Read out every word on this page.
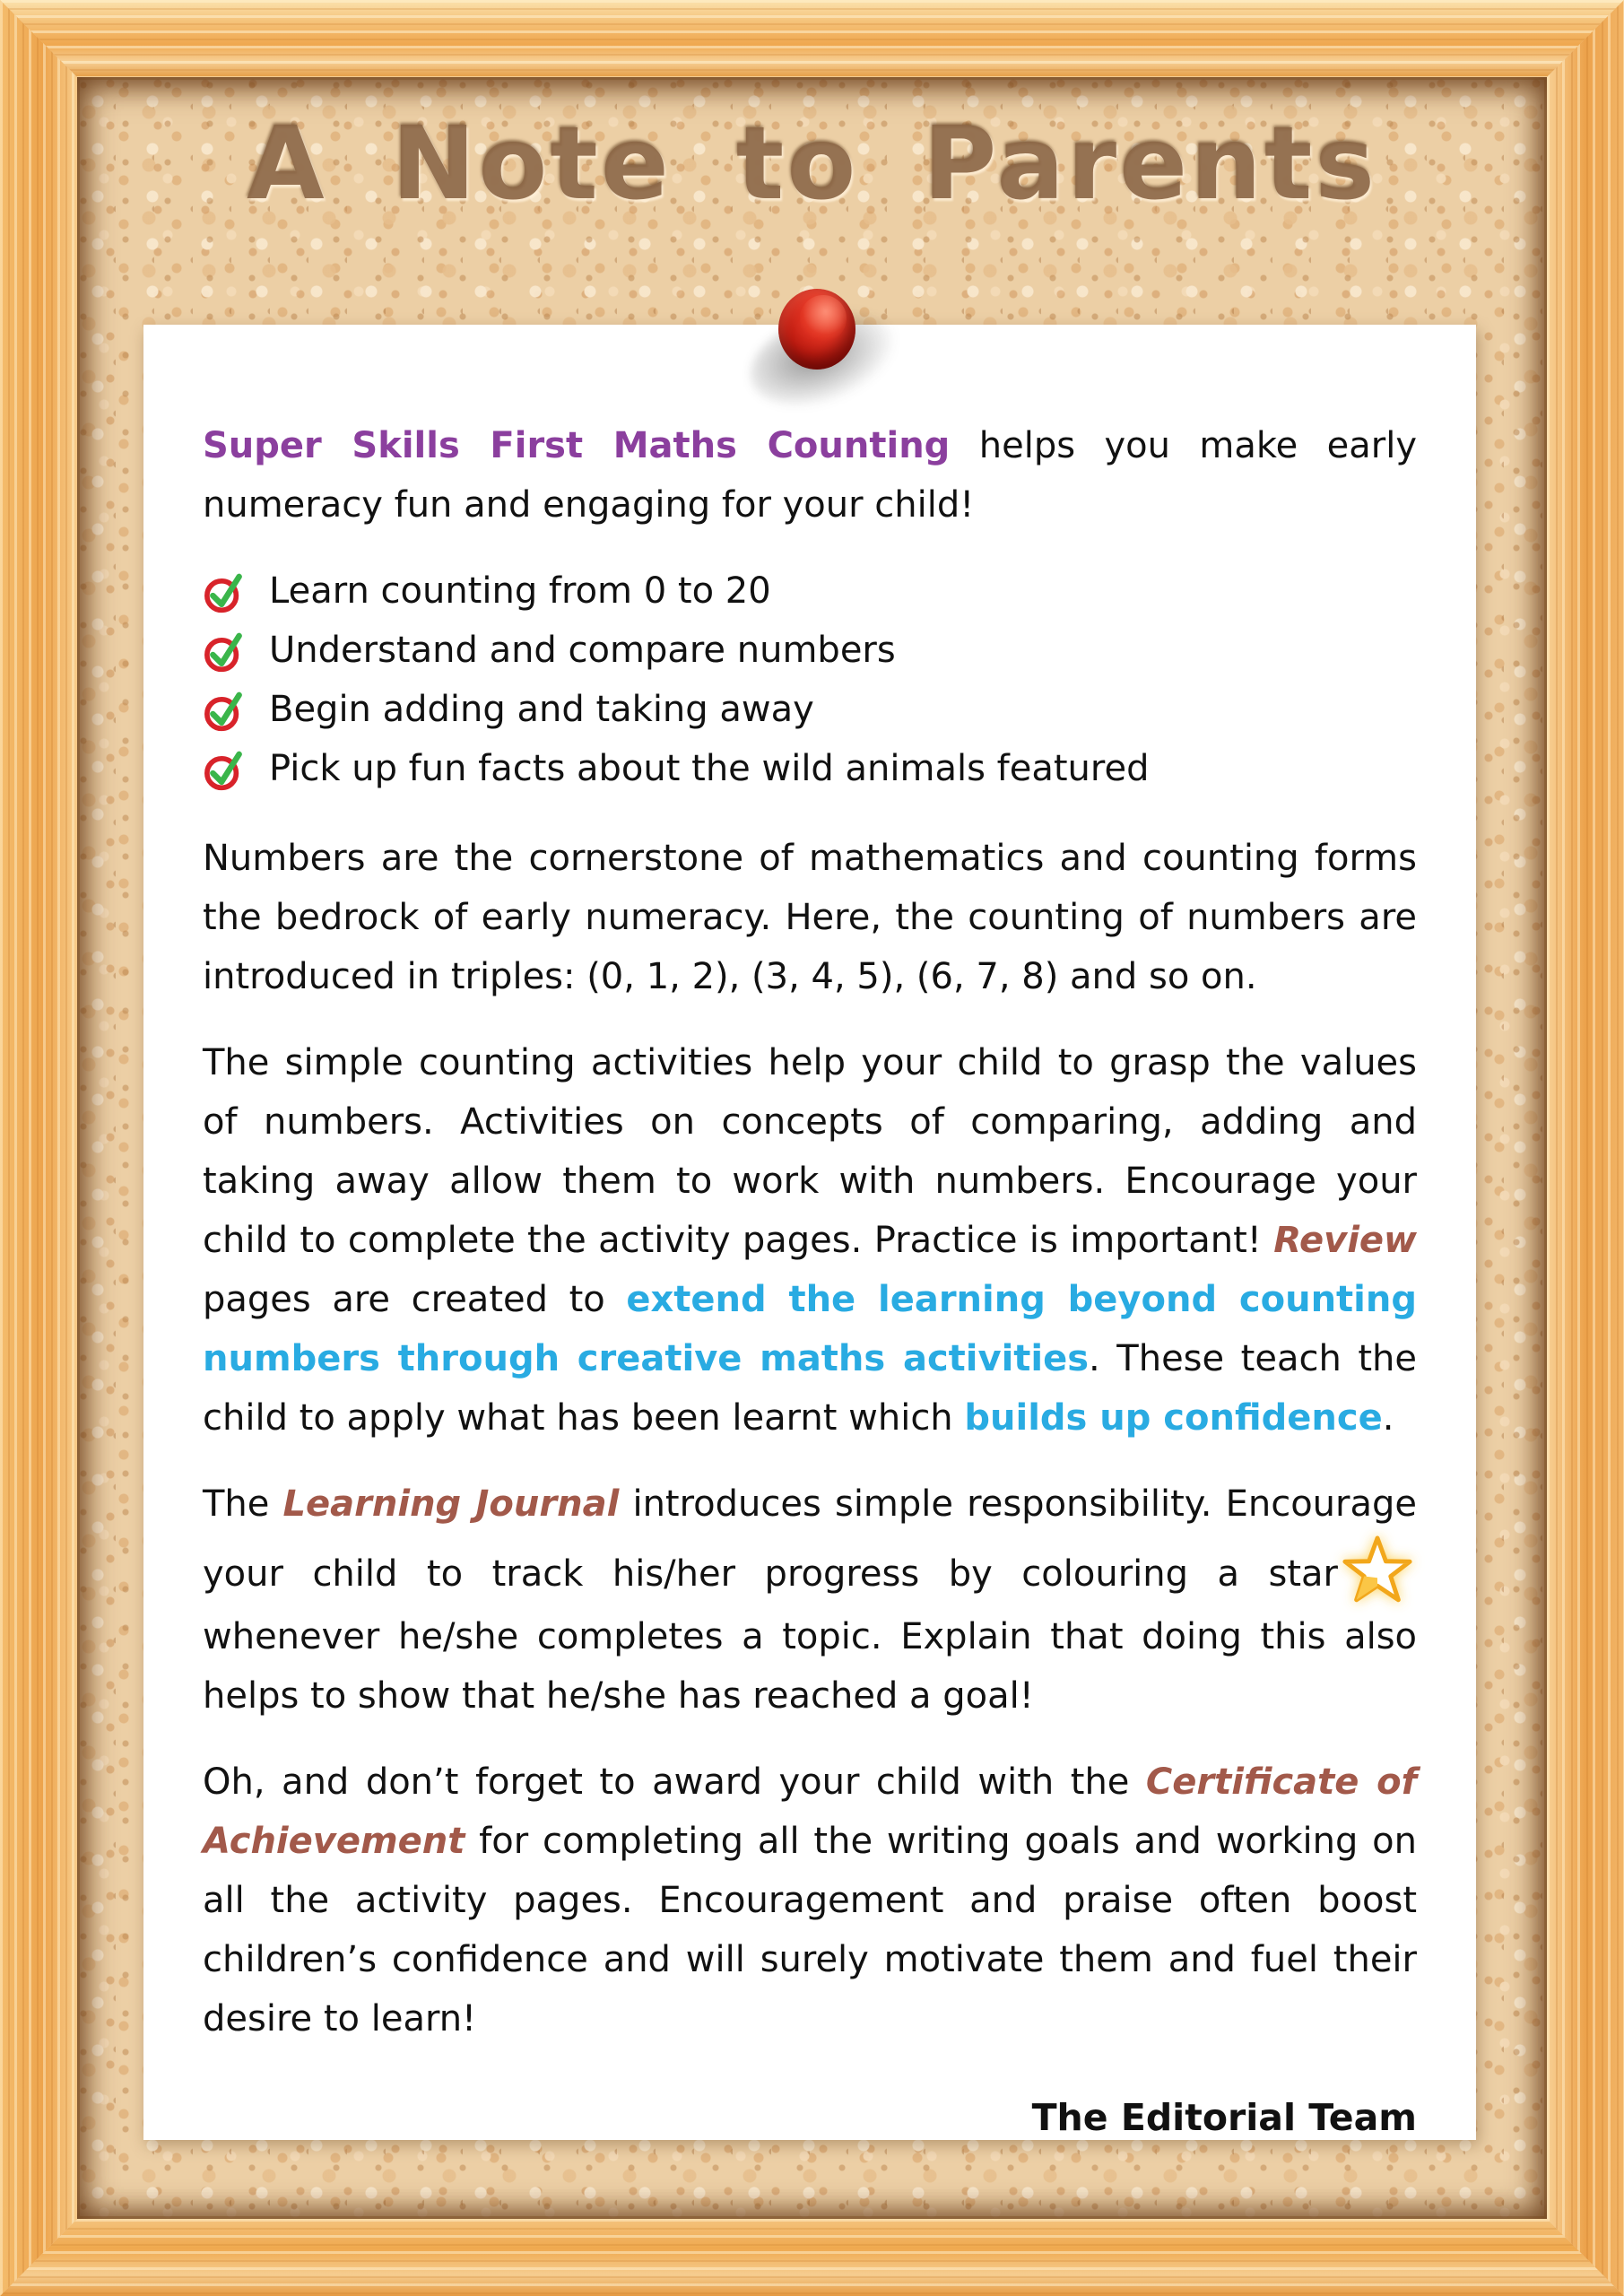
A Note to Parents

Super Skills First Maths Counting helps you make early numeracy fun and engaging for your child!

Learn counting from 0 to 20
Understand and compare numbers
Begin adding and taking away
Pick up fun facts about the wild animals featured

Numbers are the cornerstone of mathematics and counting forms the bedrock of early numeracy. Here, the counting of numbers are introduced in triples: (0, 1, 2), (3, 4, 5), (6, 7, 8) and so on.

The simple counting activities help your child to grasp the values of numbers. Activities on concepts of comparing, adding and taking away allow them to work with numbers. Encourage your child to complete the activity pages. Practice is important! Review pages are created to extend the learning beyond counting numbers through creative maths activities. These teach the child to apply what has been learnt which builds up confidence.

The Learning Journal introduces simple responsibility. Encourage your child to track his/her progress by colouring a starwhenever he/she completes a topic. Explain that doing this also helps to show that he/she has reached a goal!

Oh, and don’t forget to award your child with the Certificate of Achievement for completing all the writing goals and working on all the activity pages. Encouragement and praise often boost children’s confidence and will surely motivate them and fuel their desire to learn!

The Editorial Team
